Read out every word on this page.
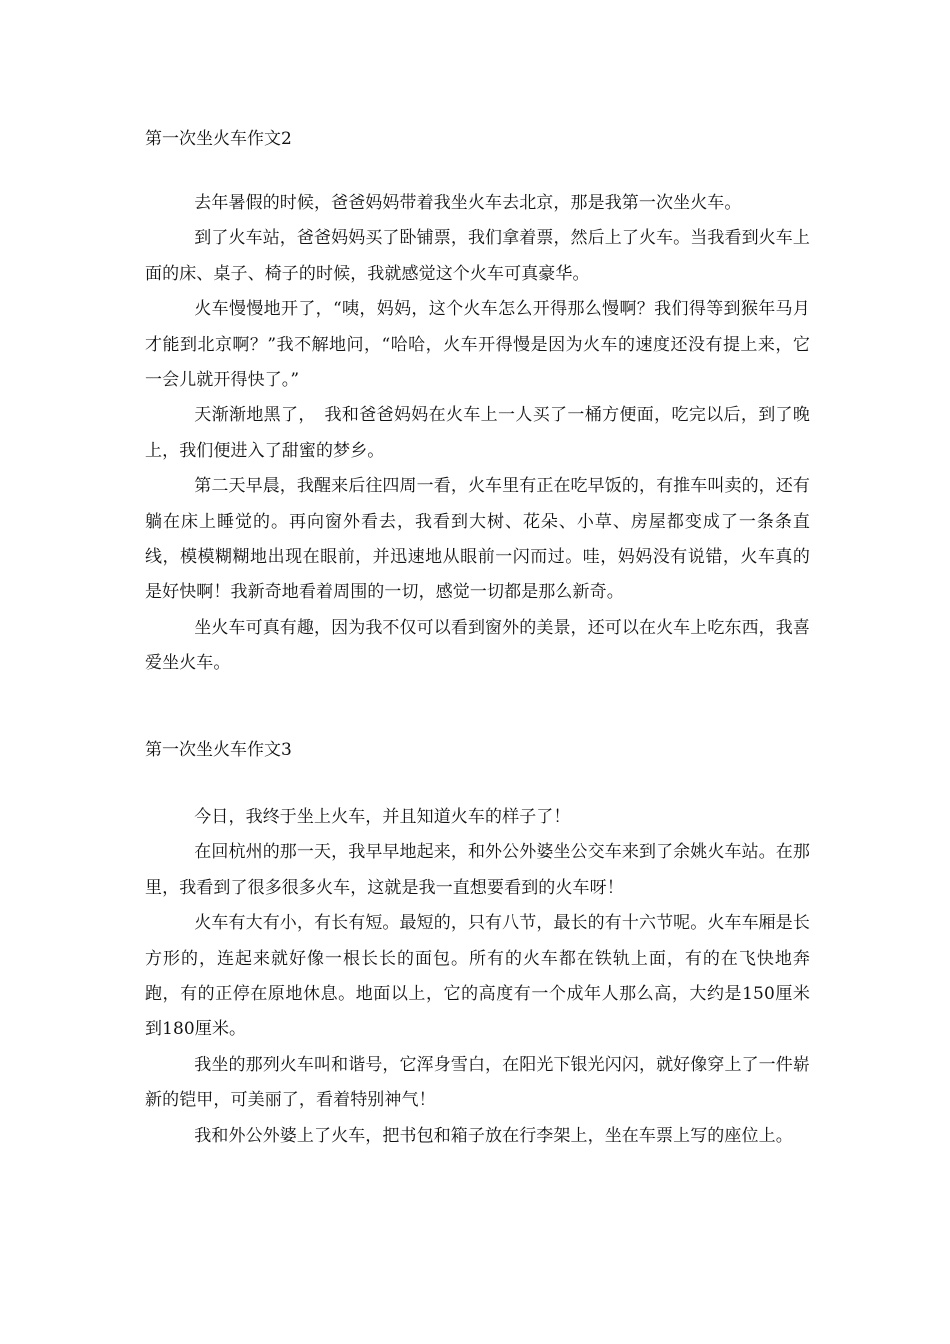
第一次坐火车作文2

去年暑假的时候，爸爸妈妈带着我坐火车去北京，那是我第一次坐火车。

到了火车站，爸爸妈妈买了卧铺票，我们拿着票，然后上了火车。当我看到火车上面的床、桌子、椅子的时候，我就感觉这个火车可真豪华。

火车慢慢地开了，“咦，妈妈，这个火车怎么开得那么慢啊？我们得等到猴年马月才能到北京啊？”我不解地问，“哈哈，火车开得慢是因为火车的速度还没有提上来，它一会儿就开得快了。”

天渐渐地黑了，　我和爸爸妈妈在火车上一人买了一桶方便面，吃完以后，到了晚上，我们便进入了甜蜜的梦乡。

第二天早晨，我醒来后往四周一看，火车里有正在吃早饭的，有推车叫卖的，还有躺在床上睡觉的。再向窗外看去，我看到大树、花朵、小草、房屋都变成了一条条直线，模模糊糊地出现在眼前，并迅速地从眼前一闪而过。哇，妈妈没有说错，火车真的是好快啊！我新奇地看着周围的一切，感觉一切都是那么新奇。

坐火车可真有趣，因为我不仅可以看到窗外的美景，还可以在火车上吃东西，我喜爱坐火车。

第一次坐火车作文3

今日，我终于坐上火车，并且知道火车的样子了！

在回杭州的那一天，我早早地起来，和外公外婆坐公交车来到了余姚火车站。在那里，我看到了很多很多火车，这就是我一直想要看到的火车呀！

火车有大有小，有长有短。最短的，只有八节，最长的有十六节呢。火车车厢是长方形的，连起来就好像一根长长的面包。所有的火车都在铁轨上面，有的在飞快地奔跑，有的正停在原地休息。地面以上，它的高度有一个成年人那么高，大约是150厘米到180厘米。

我坐的那列火车叫和谐号，它浑身雪白，在阳光下银光闪闪，就好像穿上了一件崭新的铠甲，可美丽了，看着特别神气！

我和外公外婆上了火车，把书包和箱子放在行李架上，坐在车票上写的座位上。
